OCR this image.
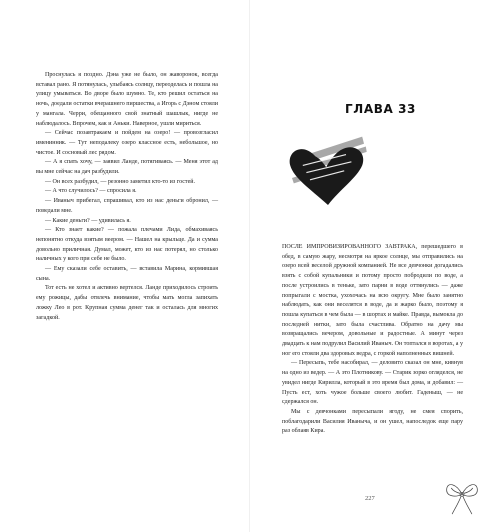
Проснулась я поздно. Дэна уже не было, он жаворонок, всегда вставал рано. Я потянулась, улыбаясь солнцу, переоделась и пошла на улицу умываться. Во дворе было шумно. Те, кто решил остаться на ночь, доедали остатки вчерашнего пиршества, а Игорь с Дэном стояли у мангала. Черри, обещанного свой знатный шашлык, нигде не наблюдалось. Впрочем, как и Аньки. Наверное, ушли мириться.

— Сейчас позавтракаем и пойдем на озеро! — провозгласил именинник. — Тут неподалеку озеро классное есть, небольшое, но чистое. И сосновый лес рядом.

— А я спать хочу, — заявил Ланде, потягиваясь. — Меня этот ад вы мне сейчас на дач разбудили.

— Он всех разбудил, — резонно заметил кто-то из гостей.

— А что случилось? — спросила я.

— Иваныч прибегал, спрашивал, кто из нас деньги обронил, — поведали мне.

— Какие деньги? — удивилась я.

— Кто знает какие? — пожала плечами Лида, обмахиваясь непонятно откуда взятым веером. — Нашел на крыльце. Да и сумма довольно приличная. Думал, может, кто из нас потерял, но столько наличных у кого при себе не было.

— Ему сказали себе оставить, — вставила Марина, кормившая сына.

Тот есть не хотел и активно вертелся. Ланде приходилось строить ему рожицы, дабы отвлечь внимание, чтобы мать могла запихать ложку Лео в рот. Крупная сумма денег так и осталась для многих загадкой.

ГЛАВА 33

ПОСЛЕ ИМПРОВИЗИРОВАННОГО ЗАВТРАКА, перешедшего в обед, в самую жару, несмотря на яркое солнце, мы отправились на озеро всей веселой дружной компанией. Не все девчонки догадались взять с собой купальники и потому просто побродили по воде, а после устроились в теньке, зато парни в воде оттянулись — даже попрыгали с мостка, ухохочась на всю округу. Мне было занятно наблюдать, как они веселятся в воде, да и жарко было, поэтому я пошла купаться в чем была — в шортах и майке. Правда, вымокла до последней нитки, зато была счастлива. Обратно на дачу мы возвращались вечером, довольные и радостные. А минут через двадцать к нам подрулил Василий Иваныч. Он топтался в воротах, а у ног его стояли два здоровых ведра, с горкой наполненных вишней.

— Пересыпь, тебе насобирал, — деловито сказал он мне, кивнув на одно из ведер. — А это Плотникову. — Старик зорко огляделся, не увидел нигде Кирилла, который в это время был дома, и добавил: — Пусть ест, хоть чужое больше своего любит. Гаденыш, — не сдержался он.

Мы с девчонками пересыпали ягоду, не смея спорить, поблагодарили Василия Иваныча, и он ушел, напоследок еще пару раз облаяв Кира.

227
